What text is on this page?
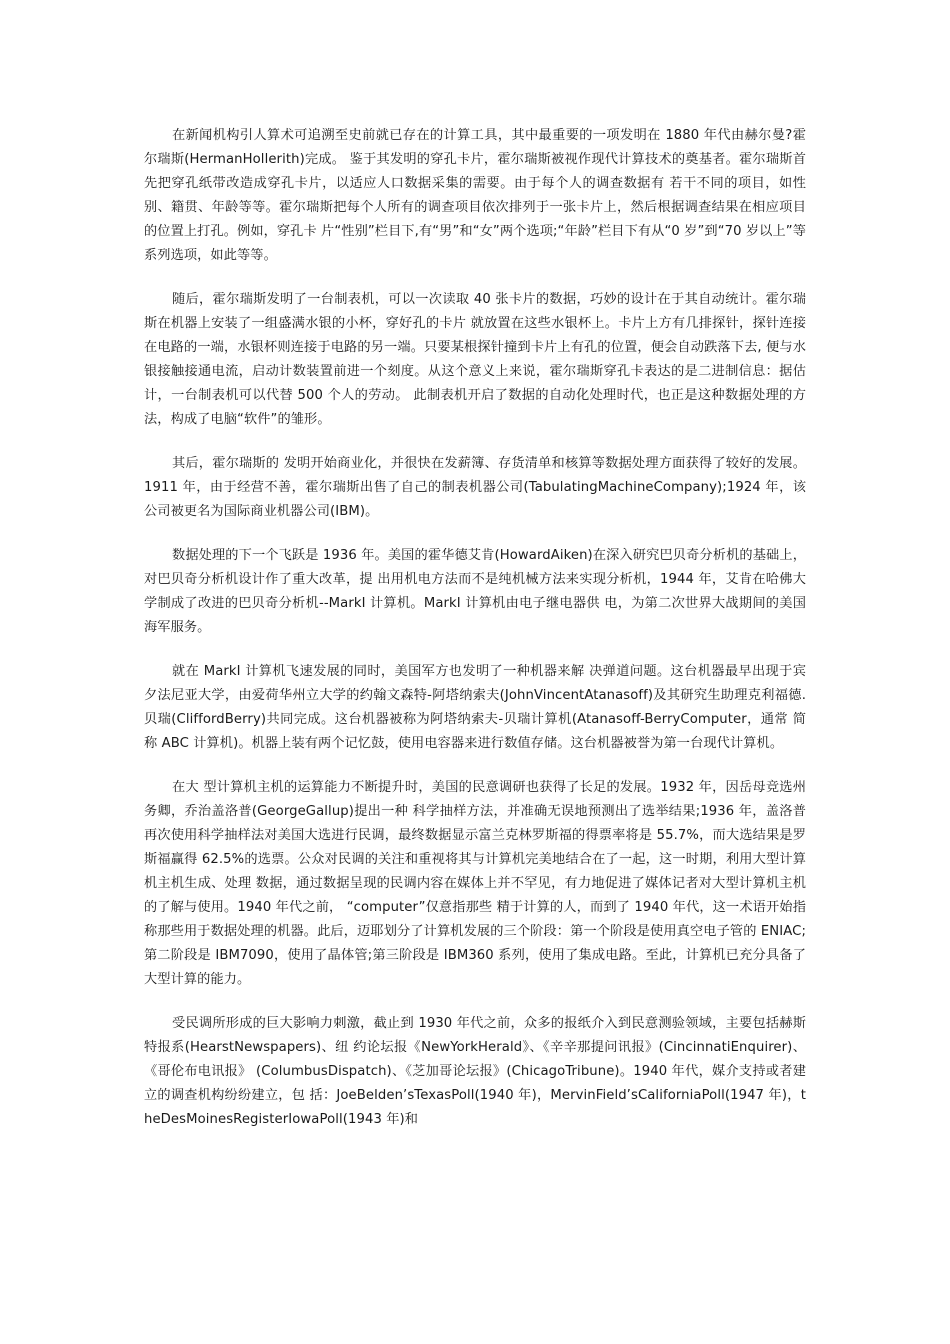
在新闻机构引人算术可追溯至史前就已存在的计算工具，其中最重要的一项发明在 1880 年代由赫尔曼?霍尔瑞斯(HermanHollerith)完成。 鉴于其发明的穿孔卡片，霍尔瑞斯被视作现代计算技术的奠基者。霍尔瑞斯首先把穿孔纸带改造成穿孔卡片，以适应人口数据采集的需要。由于每个人的调查数据有 若干不同的项目，如性别、籍贯、年龄等等。霍尔瑞斯把每个人所有的调查项目依次排列于一张卡片上，然后根据调查结果在相应项目的位置上打孔。例如，穿孔卡 片“性别”栏目下,有“男”和“女”两个选项;“年龄”栏目下有从“0 岁”到“70 岁以上”等系列选项，如此等等。

随后，霍尔瑞斯发明了一台制表机，可以一次读取 40 张卡片的数据，巧妙的设计在于其自动统计。霍尔瑞斯在机器上安装了一组盛满水银的小杯，穿好孔的卡片 就放置在这些水银杯上。卡片上方有几排探针，探针连接在电路的一端，水银杯则连接于电路的另一端。只要某根探针撞到卡片上有孔的位置，便会自动跌落下去, 便与水银接触接通电流，启动计数装置前进一个刻度。从这个意义上来说，霍尔瑞斯穿孔卡表达的是二进制信息：据估计，一台制表机可以代替 500 个人的劳动。 此制表机开启了数据的自动化处理时代，也正是这种数据处理的方法，构成了电脑“软件”的雏形。

其后，霍尔瑞斯的 发明开始商业化，并很快在发薪簿、存货清单和核算等数据处理方面获得了较好的发展。1911 年，由于经营不善，霍尔瑞斯出售了自己的制表机器公司(TabulatingMachineCompany);1924 年，该公司被更名为国际商业机器公司(IBM)。

数据处理的下一个飞跃是 1936 年。美国的霍华德艾肯(HowardAiken)在深入研究巴贝奇分析机的基础上，对巴贝奇分析机设计作了重大改革，提 出用机电方法而不是纯机械方法来实现分析机，1944 年，艾肯在哈佛大学制成了改进的巴贝奇分析机--MarkI 计算机。MarkI 计算机由电子继电器供 电，为第二次世界大战期间的美国海军服务。

就在 MarkI 计算机飞速发展的同时，美国军方也发明了一种机器来解 决弹道问题。这台机器最早出现于宾夕法尼亚大学，由爱荷华州立大学的约翰文森特-阿塔纳索夫(JohnVincentAtanasoff)及其研究生助理克利福德.贝瑞(CliffordBerry)共同完成。这台机器被称为阿塔纳索夫-贝瑞计算机(Atanasoff-BerryComputer，通常 简称 ABC 计算机)。机器上装有两个记忆鼓，使用电容器来进行数值存储。这台机器被誉为第一台现代计算机。

在大 型计算机主机的运算能力不断提升时，美国的民意调研也获得了长足的发展。1932 年，因岳母竞选州务卿，乔治盖洛普(GeorgeGallup)提出一种 科学抽样方法，并准确无误地预测出了选举结果;1936 年，盖洛普再次使用科学抽样法对美国大选进行民调，最终数据显示富兰克林罗斯福的得票率将是 55.7%，而大选结果是罗斯福赢得 62.5%的选票。公众对民调的关注和重视将其与计算机完美地结合在了一起，这一时期，利用大型计算机主机生成、处理 数据，通过数据呈现的民调内容在媒体上并不罕见，有力地促进了媒体记者对大型计算机主机的了解与使用。1940 年代之前， “computer”仅意指那些 精于计算的人，而到了 1940 年代，这一术语开始指称那些用于数据处理的机器。此后，迈耶划分了计算机发展的三个阶段：第一个阶段是使用真空电子管的 ENIAC;第二阶段是 IBM7090，使用了晶体管;第三阶段是 IBM360 系列，使用了集成电路。至此，计算机已充分具备了大型计算的能力。

受民调所形成的巨大影响力刺激，截止到 1930 年代之前，众多的报纸介入到民意测验领域，主要包括赫斯特报系(HearstNewspapers)、纽 约论坛报《NewYorkHerald》、《辛辛那提问讯报》(CincinnatiEnquirer)、《哥伦布电讯报》 (ColumbusDispatch)、《芝加哥论坛报》(ChicagoTribune)。1940 年代，媒介支持或者建立的调查机构纷纷建立，包 括：JoeBelden’sTexasPoll(1940 年)，MervinField’sCaliforniaPoll(1947 年)，theDesMoinesRegisterIowaPoll(1943 年)和
